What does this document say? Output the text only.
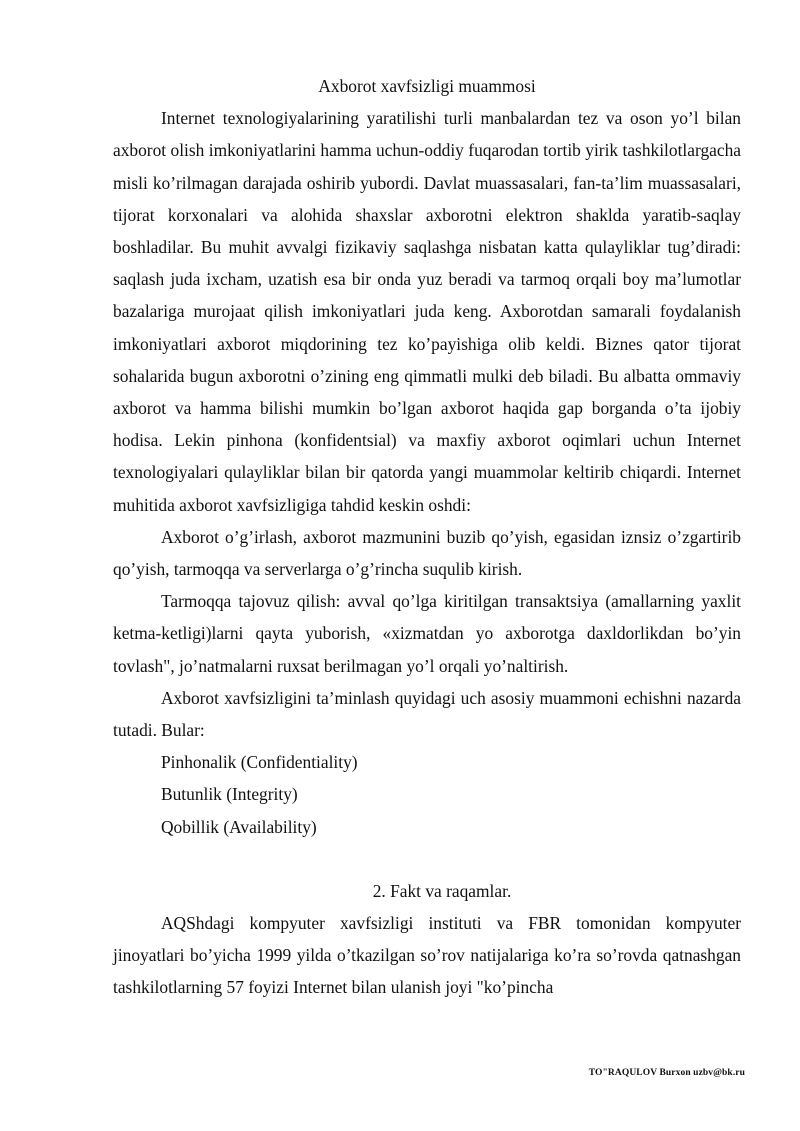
Axborot xavfsizligi muammosi

Internet texnologiyalarining yaratilishi turli manbalardan tez va oson yo’l bilan axborot olish imkoniyatlarini hamma uchun-oddiy fuqarodan tortib yirik tashkilotlargacha misli ko’rilmagan darajada oshirib yubordi. Davlat muassasalari, fan-ta’lim muassasalari, tijorat korxonalari va alohida shaxslar axborotni elektron shaklda yaratib-saqlay boshladilar. Bu muhit avvalgi fizikaviy saqlashga nisbatan katta qulayliklar tug’diradi: saqlash juda ixcham, uzatish esa bir onda yuz beradi va tarmoq orqali boy ma’lumotlar bazalariga murojaat qilish imkoniyatlari juda keng. Axborotdan samarali foydalanish imkoniyatlari axborot miqdorining tez ko’payishiga olib keldi. Biznes qator tijorat sohalarida bugun axborotni o’zining eng qimmatli mulki deb biladi. Bu albatta ommaviy axborot va hamma bilishi mumkin bo’lgan axborot haqida gap borganda o’ta ijobiy hodisa. Lekin pinhona (konfidentsial) va maxfiy axborot oqimlari uchun Internet texnologiyalari qulayliklar bilan bir qatorda yangi muammolar keltirib chiqardi. Internet muhitida axborot xavfsizligiga tahdid keskin oshdi:

Axborot o’g’irlash, axborot mazmunini buzib qo’yish, egasidan iznsiz o’zgartirib qo’yish, tarmoqqa va serverlarga o’g’rincha suqulib kirish.

Tarmoqqa tajovuz qilish: avval qo’lga kiritilgan transaktsiya (amallarning yaxlit ketma-ketligi)larni qayta yuborish, «xizmatdan yo axborotga daxldorlikdan bo’yin tovlash", jo’natmalarni ruxsat berilmagan yo’l orqali yo’naltirish.

Axborot xavfsizligini ta’minlash quyidagi uch asosiy muammoni echishni nazarda tutadi. Bular:

Pinhonalik (Confidentiality)

Butunlik (Integrity)

Qobillik (Availability)

2. Fakt va raqamlar.

AQShdagi kompyuter xavfsizligi instituti va FBR tomonidan kompyuter jinoyatlari bo’yicha 1999 yilda o’tkazilgan so’rov natijalariga ko’ra so’rovda qatnashgan tashkilotlarning 57 foyizi Internet bilan ulanish joyi "ko’pincha

TO"RAQULOV Burxon uzbv@bk.ru
